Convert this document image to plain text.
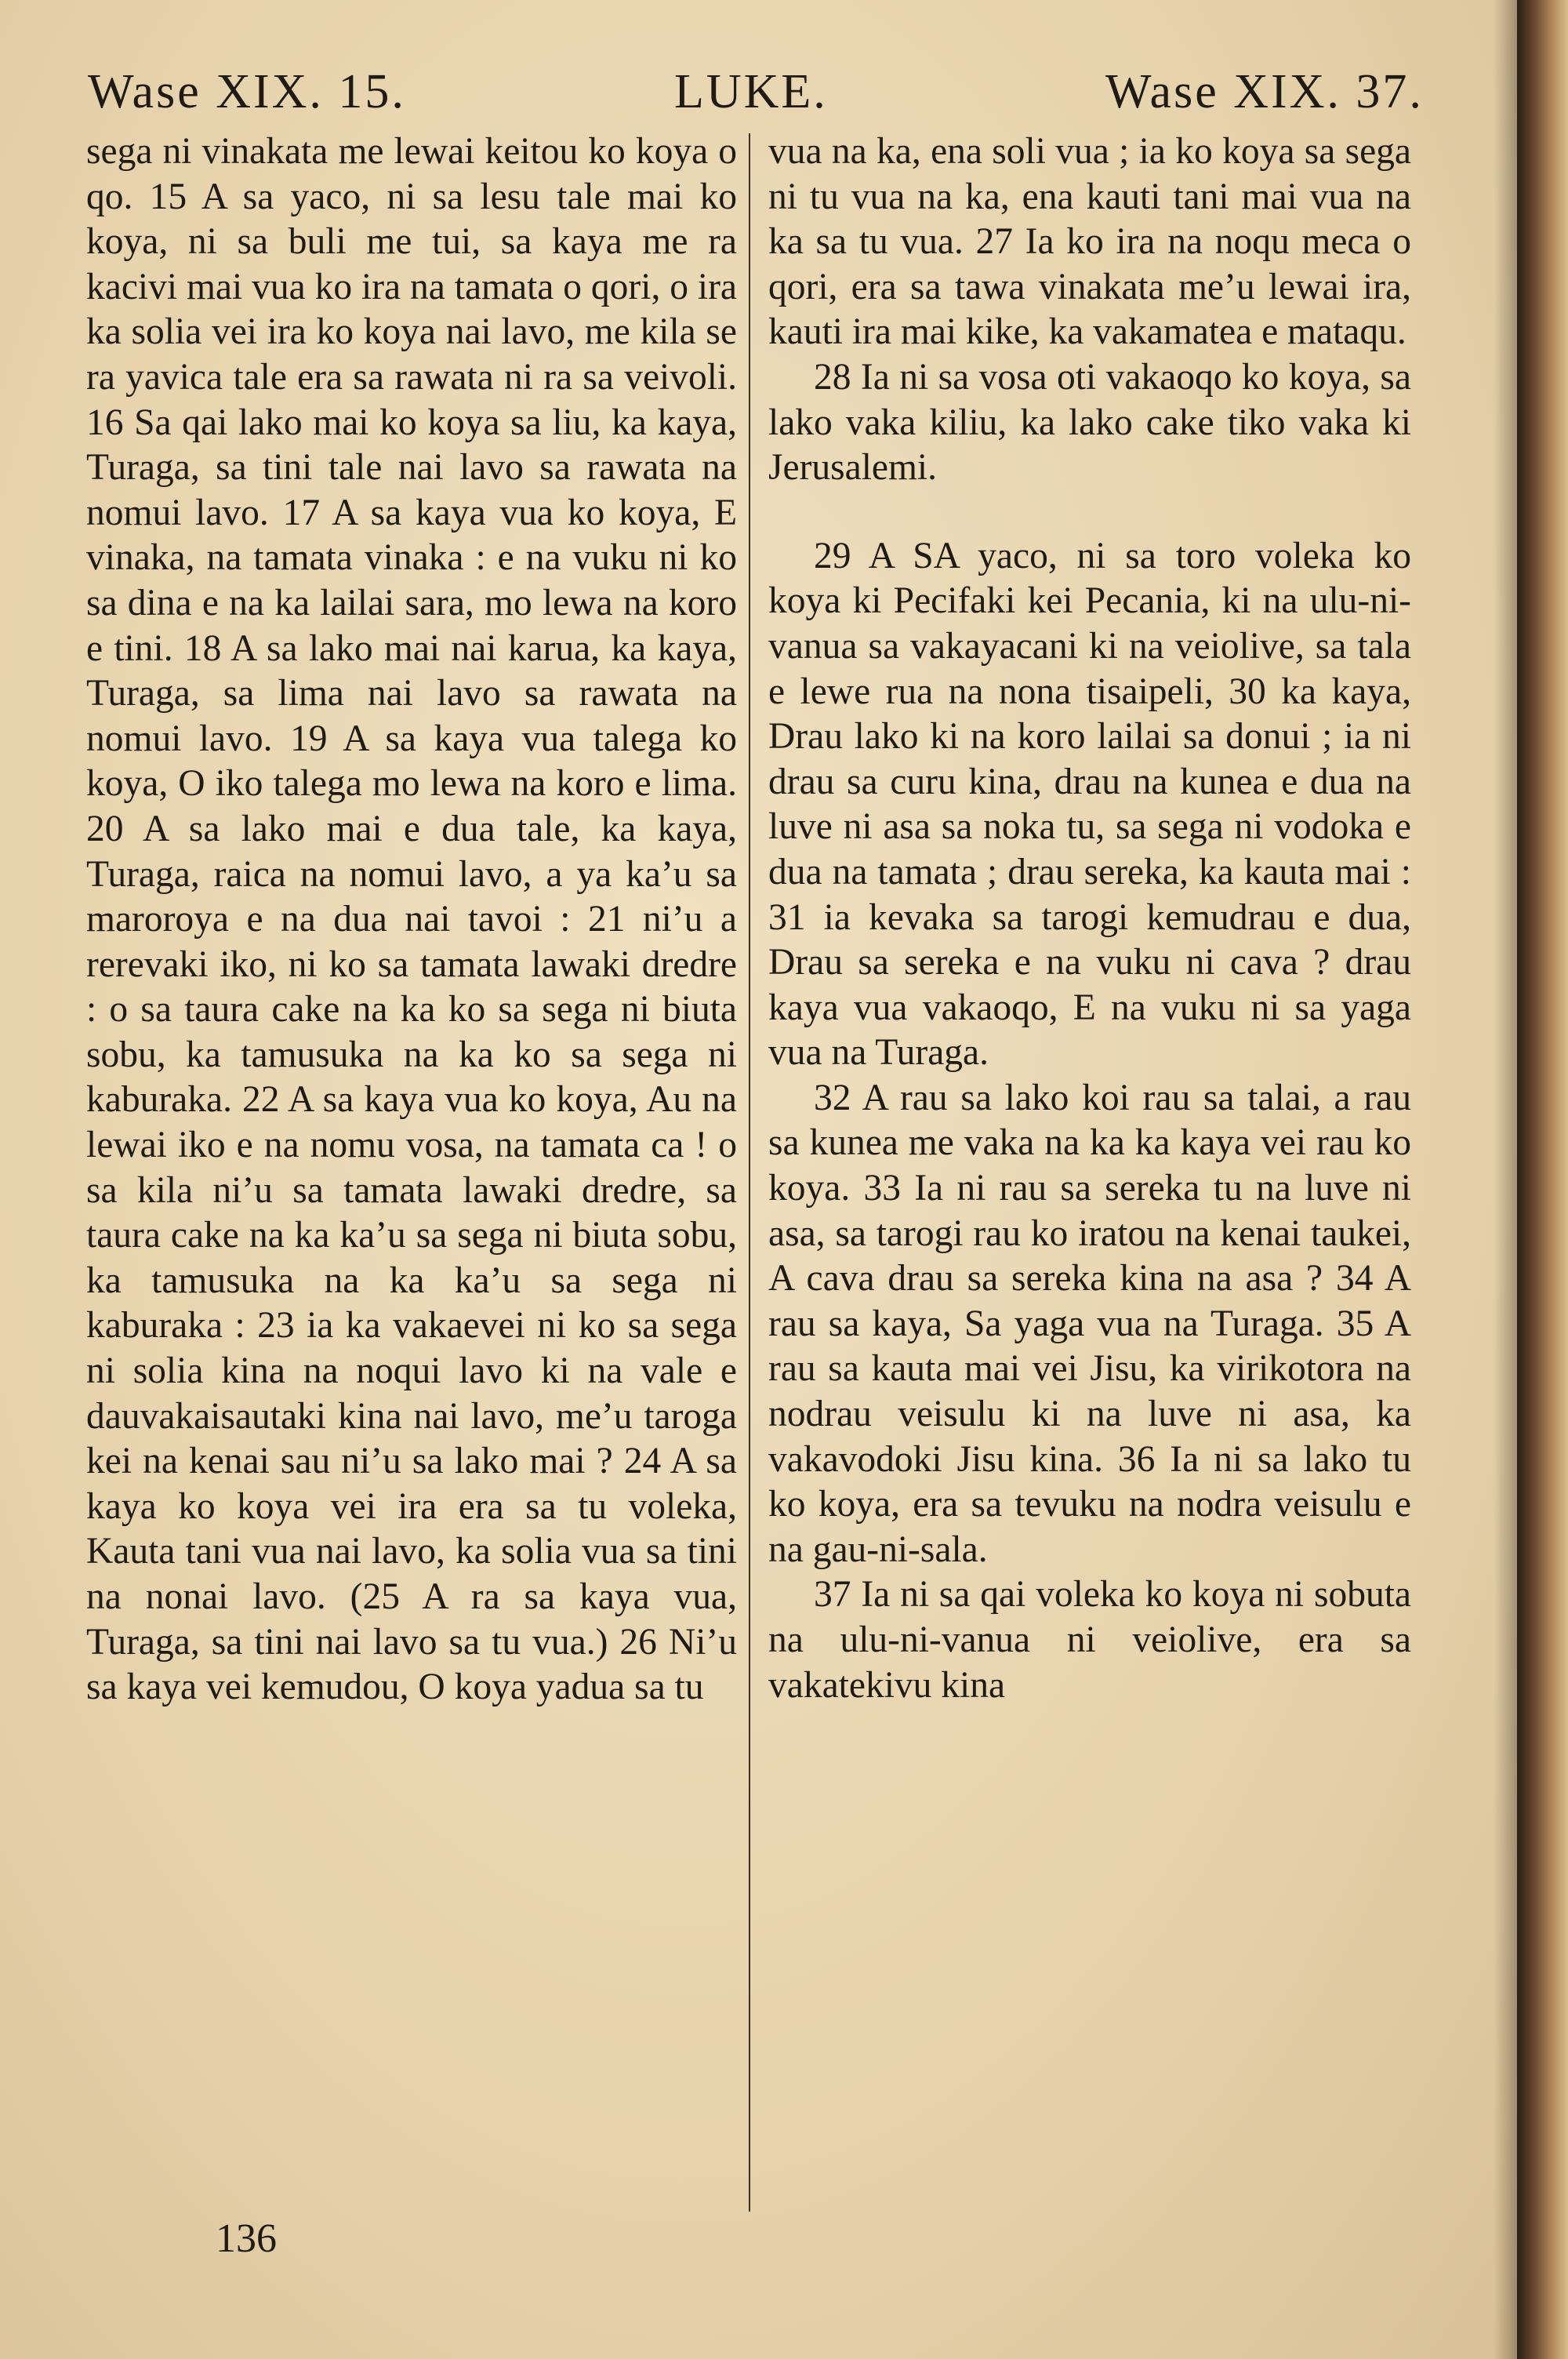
Wase XIX. 15.	LUKE.	Wase XIX. 37.

sega ni vinakata me lewai keitou ko koya o qo. 15 A sa yaco, ni sa lesu tale mai ko koya, ni sa buli me tui, sa kaya me ra kacivi mai vua ko ira na tamata o qori, o ira ka solia vei ira ko koya nai lavo, me kila se ra yavica tale era sa rawata ni ra sa veivoli. 16 Sa qai lako mai ko koya sa liu, ka kaya, Turaga, sa tini tale nai lavo sa rawata na nomui lavo. 17 A sa kaya vua ko koya, E vinaka, na tamata vinaka : e na vuku ni ko sa dina e na ka lailai sara, mo lewa na koro e tini. 18 A sa lako mai nai karua, ka kaya, Turaga, sa lima nai lavo sa rawata na nomui lavo. 19 A sa kaya vua talega ko koya, O iko talega mo lewa na koro e lima. 20 A sa lako mai e dua tale, ka kaya, Turaga, raica na nomui lavo, a ya ka’u sa maroroya e na dua nai tavoi : 21 ni’u a rerevaki iko, ni ko sa tamata lawaki dredre : o sa taura cake na ka ko sa sega ni biuta sobu, ka tamusuka na ka ko sa sega ni kaburaka. 22 A sa kaya vua ko koya, Au na lewai iko e na nomu vosa, na tamata ca ! o sa kila ni’u sa tamata lawaki dredre, sa taura cake na ka ka’u sa sega ni biuta sobu, ka tamusuka na ka ka’u sa sega ni kaburaka : 23 ia ka vakaevei ni ko sa sega ni solia kina na noqui lavo ki na vale e dauvakaisautaki kina nai lavo, me’u taroga kei na kenai sau ni’u sa lako mai ? 24 A sa kaya ko koya vei ira era sa tu voleka, Kauta tani vua nai lavo, ka solia vua sa tini na nonai lavo. (25 A ra sa kaya vua, Turaga, sa tini nai lavo sa tu vua.) 26 Ni’u sa kaya vei kemudou, O koya yadua sa tu

vua na ka, ena soli vua ; ia ko koya sa sega ni tu vua na ka, ena kauti tani mai vua na ka sa tu vua. 27 Ia ko ira na noqu meca o qori, era sa tawa vinakata me’u lewai ira, kauti ira mai kike, ka vakamatea e mataqu.

28 Ia ni sa vosa oti vakaoqo ko koya, sa lako vaka kiliu, ka lako cake tiko vaka ki Jerusalemi.

29 A SA yaco, ni sa toro voleka ko koya ki Pecifaki kei Pecania, ki na ulu-ni-vanua sa vakayacani ki na veiolive, sa tala e lewe rua na nona tisaipeli, 30 ka kaya, Drau lako ki na koro lailai sa donui ; ia ni drau sa curu kina, drau na kunea e dua na luve ni asa sa noka tu, sa sega ni vodoka e dua na tamata ; drau sereka, ka kauta mai : 31 ia kevaka sa tarogi kemudrau e dua, Drau sa sereka e na vuku ni cava ? drau kaya vua vakaoqo, E na vuku ni sa yaga vua na Turaga.

32 A rau sa lako koi rau sa talai, a rau sa kunea me vaka na ka ka kaya vei rau ko koya. 33 Ia ni rau sa sereka tu na luve ni asa, sa tarogi rau ko iratou na kenai taukei, A cava drau sa sereka kina na asa ? 34 A rau sa kaya, Sa yaga vua na Turaga. 35 A rau sa kauta mai vei Jisu, ka virikotora na nodrau veisulu ki na luve ni asa, ka vakavodoki Jisu kina. 36 Ia ni sa lako tu ko koya, era sa tevuku na nodra veisulu e na gau-ni-sala.

37 Ia ni sa qai voleka ko koya ni sobuta na ulu-ni-vanua ni veiolive, era sa vakatekivu kina

136
